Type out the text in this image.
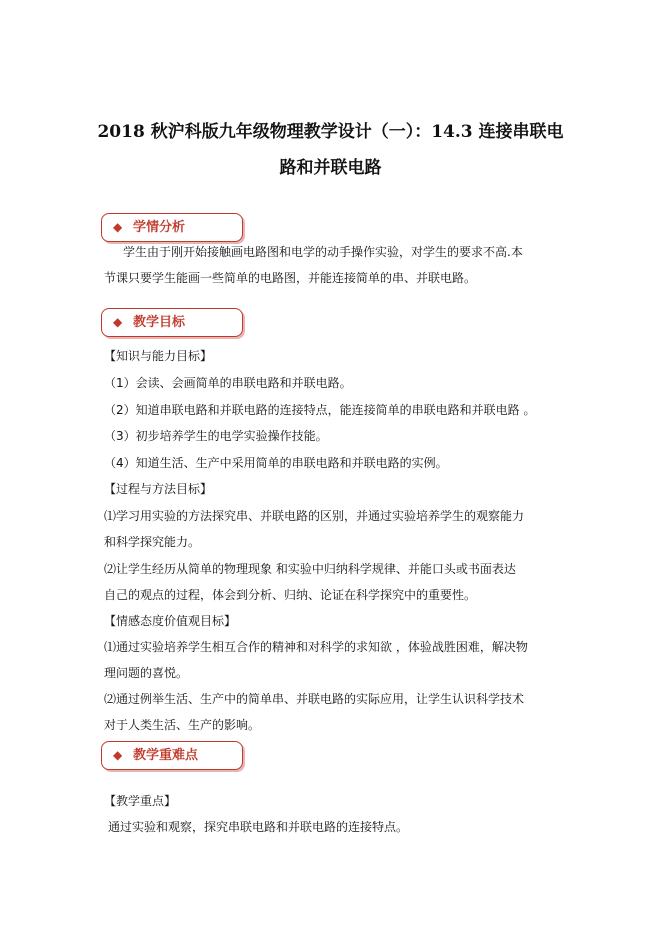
2018 秋沪科版九年级物理教学设计（一）：14.3 连接串联电
路和并联电路
◆ 学情分析
学生由于刚开始接触画电路图和电学的动手操作实验，对学生的要求不高.本
节课只要学生能画一些简单的电路图，并能连接简单的串、并联电路。
◆ 教学目标
【知识与能力目标】
（1）会读、会画简单的串联电路和并联电路。
（2）知道串联电路和并联电路的连接特点，能连接简单的串联电路和并联电路 。
（3）初步培养学生的电学实验操作技能。
（4）知道生活、生产中采用简单的串联电路和并联电路的实例。
【过程与方法目标】
⑴学习用实验的方法探究串、并联电路的区别，并通过实验培养学生的观察能力
和科学探究能力。
⑵让学生经历从简单的物理现象 和实验中归纳科学规律、并能口头或书面表达
自己的观点的过程，体会到分析、归纳、论证在科学探究中的重要性。
【情感态度价值观目标】
⑴通过实验培养学生相互合作的精神和对科学的求知欲 ，体验战胜困难，解决物
理问题的喜悦。
⑵通过例举生活、生产中的简单串、并联电路的实际应用，让学生认识科学技术
对于人类生活、生产的影响。
◆ 教学重难点
【教学重点】
通过实验和观察，探究串联电路和并联电路的连接特点。
